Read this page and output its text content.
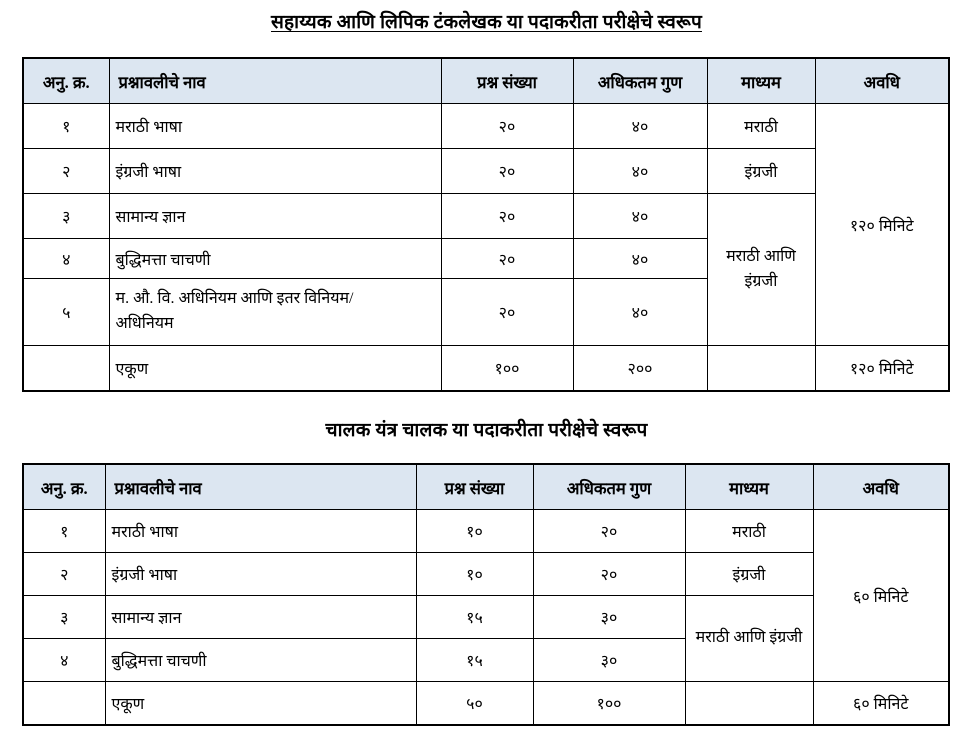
सहाय्यक आणि लिपिक टंकलेखक या पदाकरीता परीक्षेचे स्वरूप
अनु. क्र.	प्रश्नावलीचे नाव	प्रश्न संख्या	अधिकतम गुण	माध्यम	अवधि
१	मराठी भाषा	२०	४०	मराठी	१२० मिनिटे
२	इंग्रजी भाषा	२०	४०	इंग्रजी	
३	सामान्य ज्ञान	२०	४०	मराठी आणि इंग्रजी	
४	बुद्धिमत्ता चाचणी	२०	४०		
५	म. औ. वि. अधिनियम आणि इतर विनियम/
अधिनियम	२०	४०		
	एकूण	१००	२००		१२० मिनिटे
चालक यंत्र चालक या पदाकरीता परीक्षेचे स्वरूप
अनु. क्र.	प्रश्नावलीचे नाव	प्रश्न संख्या	अधिकतम गुण	माध्यम	अवधि
१	मराठी भाषा	१०	२०	मराठी	६० मिनिटे
२	इंग्रजी भाषा	१०	२०	इंग्रजी	
३	सामान्य ज्ञान	१५	३०	मराठी आणि इंग्रजी	
४	बुद्धिमत्ता चाचणी	१५	३०		
	एकूण	५०	१००		६० मिनिटे
